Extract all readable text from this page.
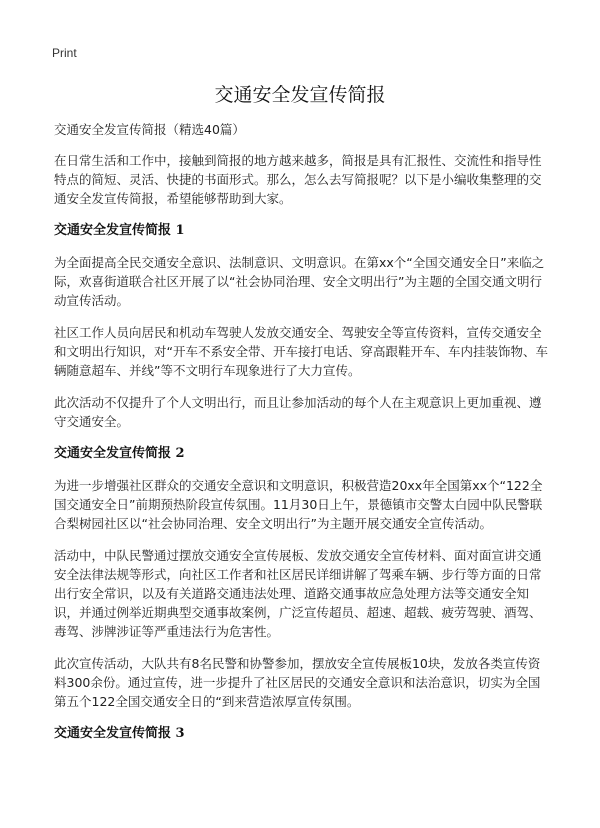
Print
交通安全发宣传简报

交通安全发宣传简报（精选40篇）

在日常生活和工作中，接触到简报的地方越来越多，简报是具有汇报性、交流性和指导性特点的简短、灵活、快捷的书面形式。那么，怎么去写简报呢？以下是小编收集整理的交通安全发宣传简报，希望能够帮助到大家。

交通安全发宣传简报 1

为全面提高全民交通安全意识、法制意识、文明意识。在第xx个“全国交通安全日”来临之际，欢喜街道联合社区开展了以“社会协同治理、安全文明出行”为主题的全国交通文明行动宣传活动。

社区工作人员向居民和机动车驾驶人发放交通安全、驾驶安全等宣传资料，宣传交通安全和文明出行知识，对“开车不系安全带、开车接打电话、穿高跟鞋开车、车内挂装饰物、车辆随意超车、并线”等不文明行车现象进行了大力宣传。

此次活动不仅提升了个人文明出行，而且让参加活动的每个人在主观意识上更加重视、遵守交通安全。

交通安全发宣传简报 2

为进一步增强社区群众的交通安全意识和文明意识，积极营造20xx年全国第xx个“122全国交通安全日”前期预热阶段宣传氛围。11月30日上午，景德镇市交警太白园中队民警联合梨树园社区以“社会协同治理、安全文明出行”为主题开展交通安全宣传活动。

活动中，中队民警通过摆放交通安全宣传展板、发放交通安全宣传材料、面对面宣讲交通安全法律法规等形式，向社区工作者和社区居民详细讲解了驾乘车辆、步行等方面的日常出行安全常识，以及有关道路交通违法处理、道路交通事故应急处理方法等交通安全知识，并通过例举近期典型交通事故案例，广泛宣传超员、超速、超载、疲劳驾驶、酒驾、毒驾、涉牌涉证等严重违法行为危害性。

此次宣传活动，大队共有8名民警和协警参加，摆放安全宣传展板10块，发放各类宣传资料300余份。通过宣传，进一步提升了社区居民的交通安全意识和法治意识，切实为全国第五个122全国交通安全日的“到来营造浓厚宣传氛围。

交通安全发宣传简报 3
